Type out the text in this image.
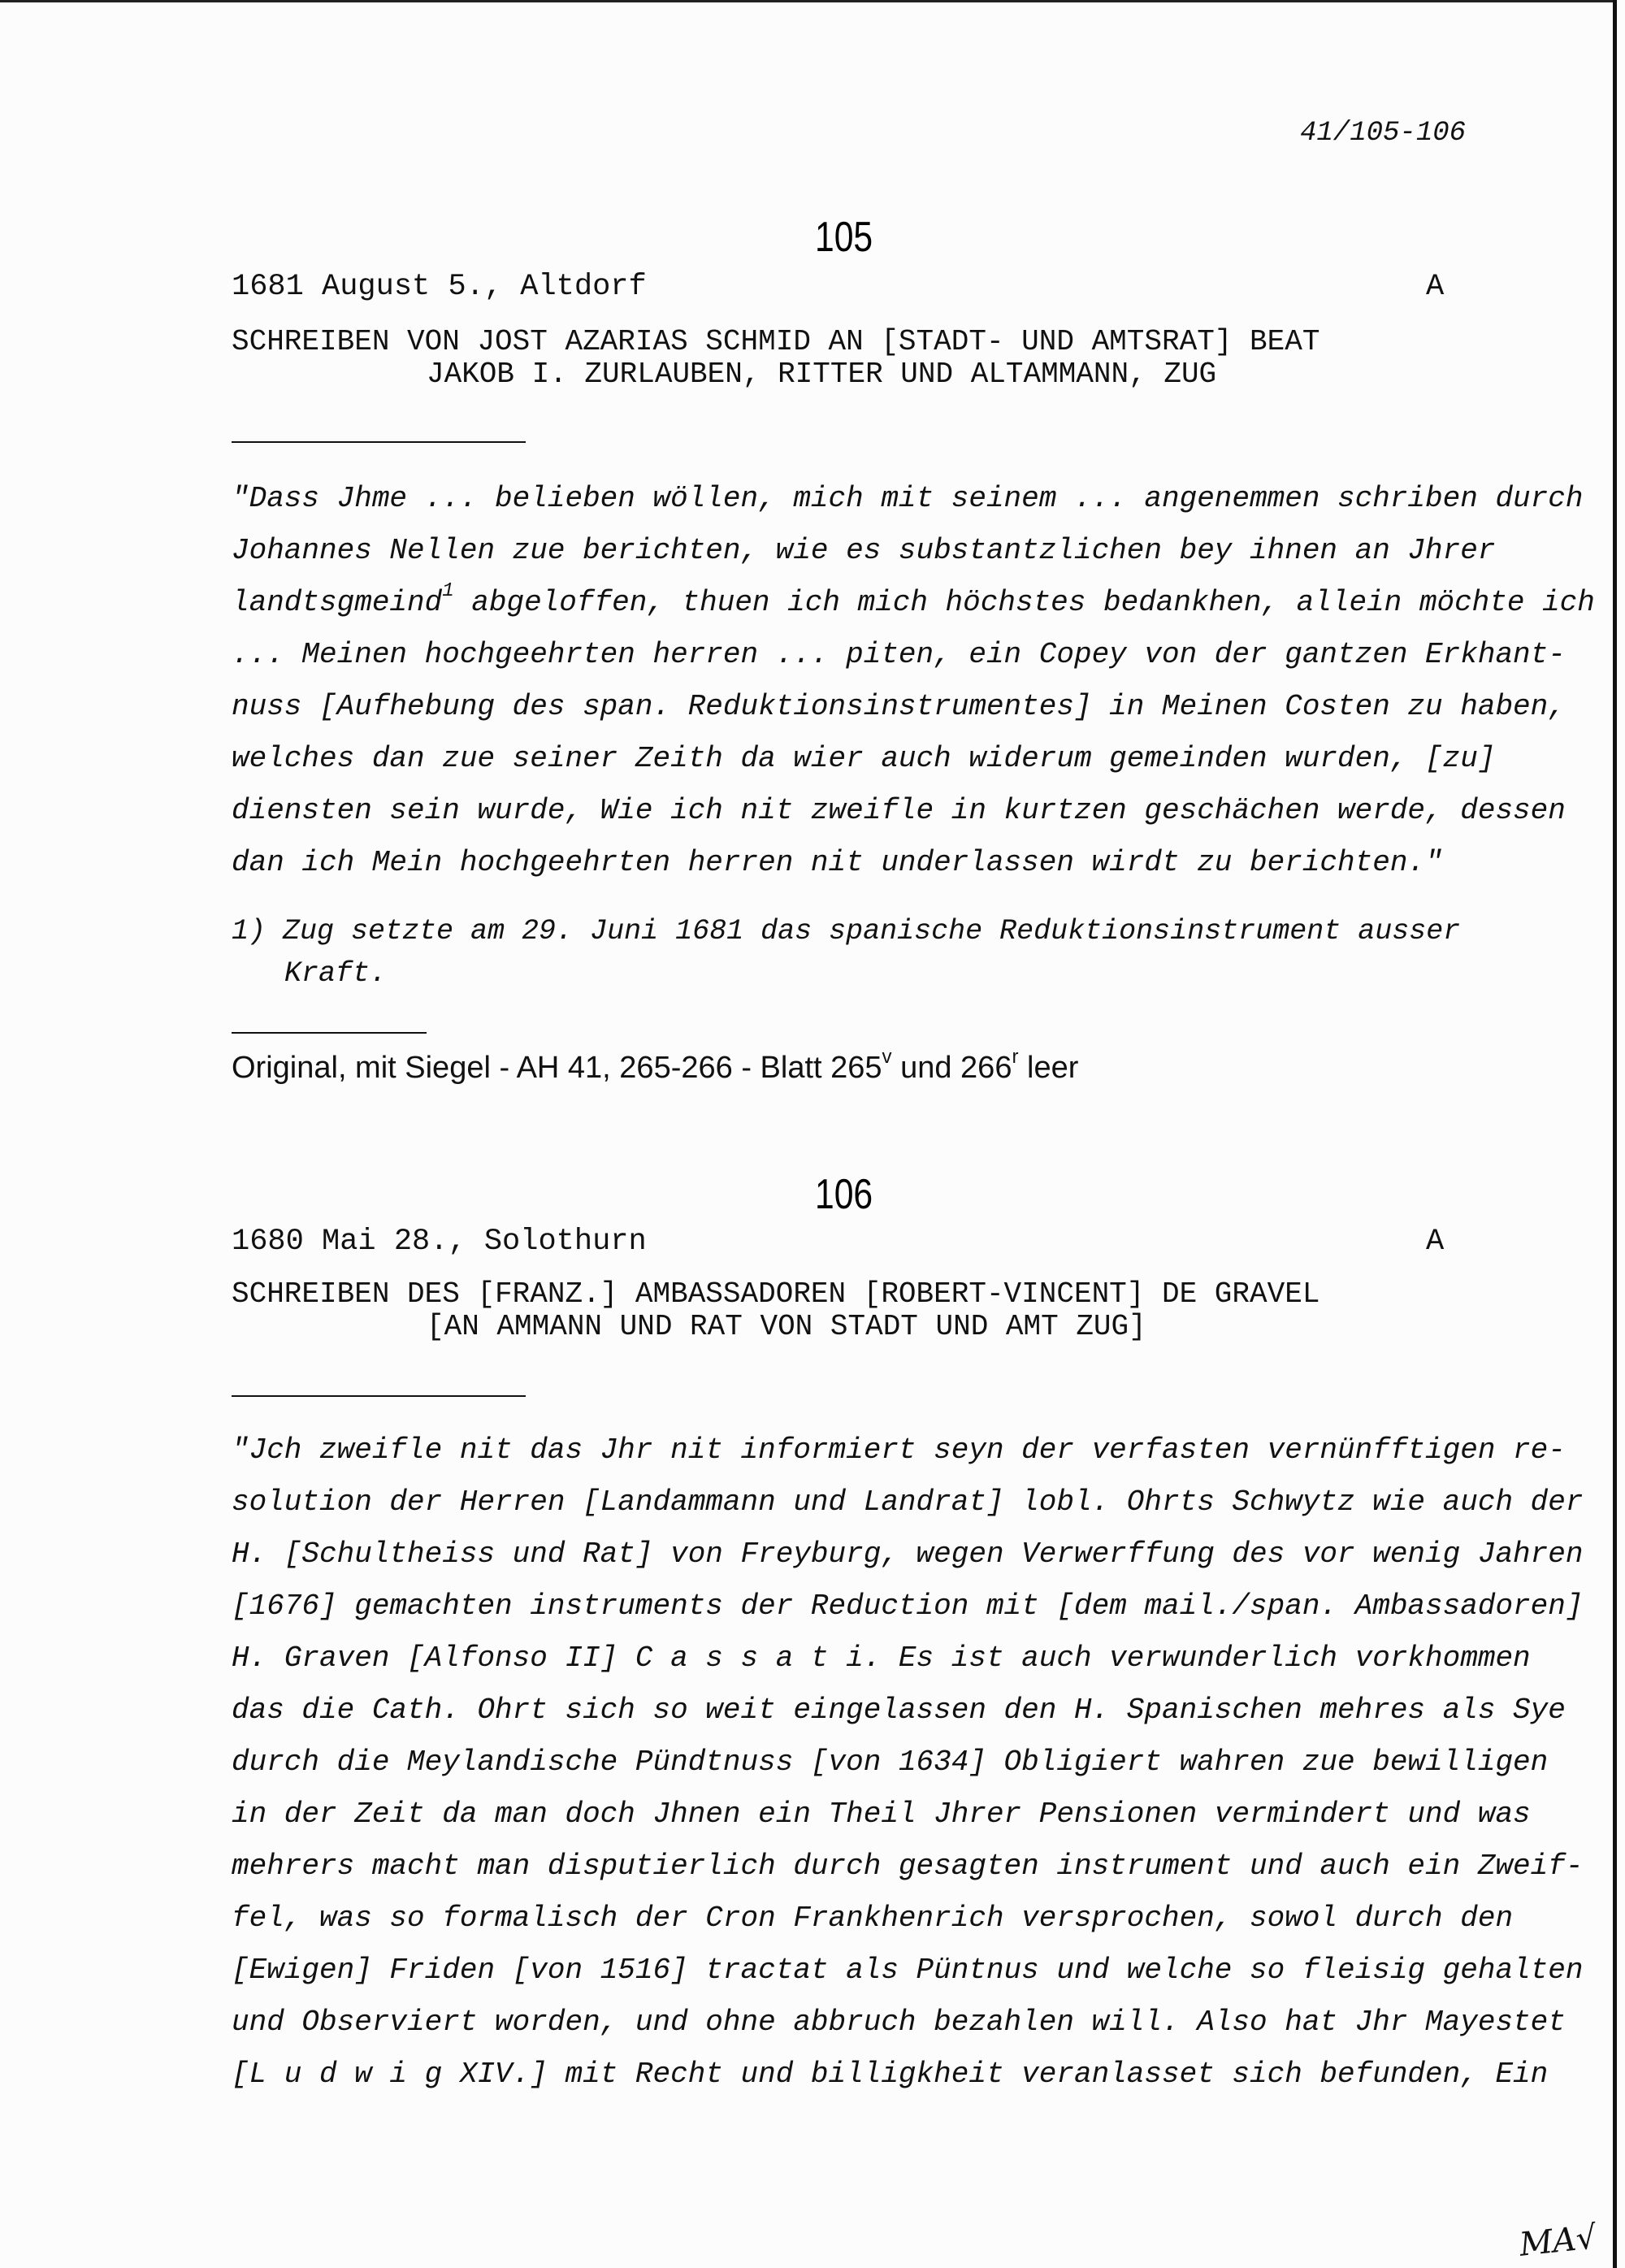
41/105-106
105
1681 August 5., Altdorf	A
SCHREIBEN VON JOST AZARIAS SCHMID AN [STADT- UND AMTSRAT] BEAT
JAKOB I. ZURLAUBEN, RITTER UND ALTAMMANN, ZUG
"Dass Jhme ... belieben wöllen, mich mit seinem ... angenemmen schriben durch
Johannes Nellen zue berichten, wie es substantzlichen bey ihnen an Jhrer
landtsgmeind$^1$ abgeloffen, thuen ich mich höchstes bedankhen, allein möchte ich
... Meinen hochgeehrten herren ... piten, ein Copey von der gantzen Erkhant-
nuss [Aufhebung des span. Reduktionsinstrumentes] in Meinen Costen zu haben,
welches dan zue seiner Zeith da wier auch widerum gemeinden wurden, [zu]
diensten sein wurde, Wie ich nit zweifle in kurtzen geschächen werde, dessen
dan ich Mein hochgeehrten herren nit underlassen wirdt zu berichten."
1) Zug setzte am 29. Juni 1681 das spanische Reduktionsinstrument ausser
Kraft.
Original, mit Siegel - AH 41, 265-266 - Blatt 265$^v$ und 266$^r$ leer
106
1680 Mai 28., Solothurn	A
SCHREIBEN DES [FRANZ.] AMBASSADOREN [ROBERT-VINCENT] DE GRAVEL
[AN AMMANN UND RAT VON STADT UND AMT ZUG]
"Jch zweifle nit das Jhr nit informiert seyn der verfasten vernünfftigen re-
solution der Herren [Landammann und Landrat] lobl. Ohrts Schwytz wie auch der
H. [Schultheiss und Rat] von Freyburg, wegen Verwerffung des vor wenig Jahren
[1676] gemachten instruments der Reduction mit [dem mail./span. Ambassadoren]
H. Graven [Alfonso II] C a s s a t i. Es ist auch verwunderlich vorkhommen
das die Cath. Ohrt sich so weit eingelassen den H. Spanischen mehres als Sye
durch die Meylandische Pündtnuss [von 1634] Obligiert wahren zue bewilligen
in der Zeit da man doch Jhnen ein Theil Jhrer Pensionen vermindert und was
mehrers macht man disputierlich durch gesagten instrument und auch ein Zweif-
fel, was so formalisch der Cron Frankhenrich versprochen, sowol durch den
[Ewigen] Friden [von 1516] tractat als Püntnus und welche so fleisig gehalten
und Observiert worden, und ohne abbruch bezahlen will. Also hat Jhr Mayestet
[L u d w i g XIV.] mit Recht und billigkheit veranlasset sich befunden, Ein
MA√
